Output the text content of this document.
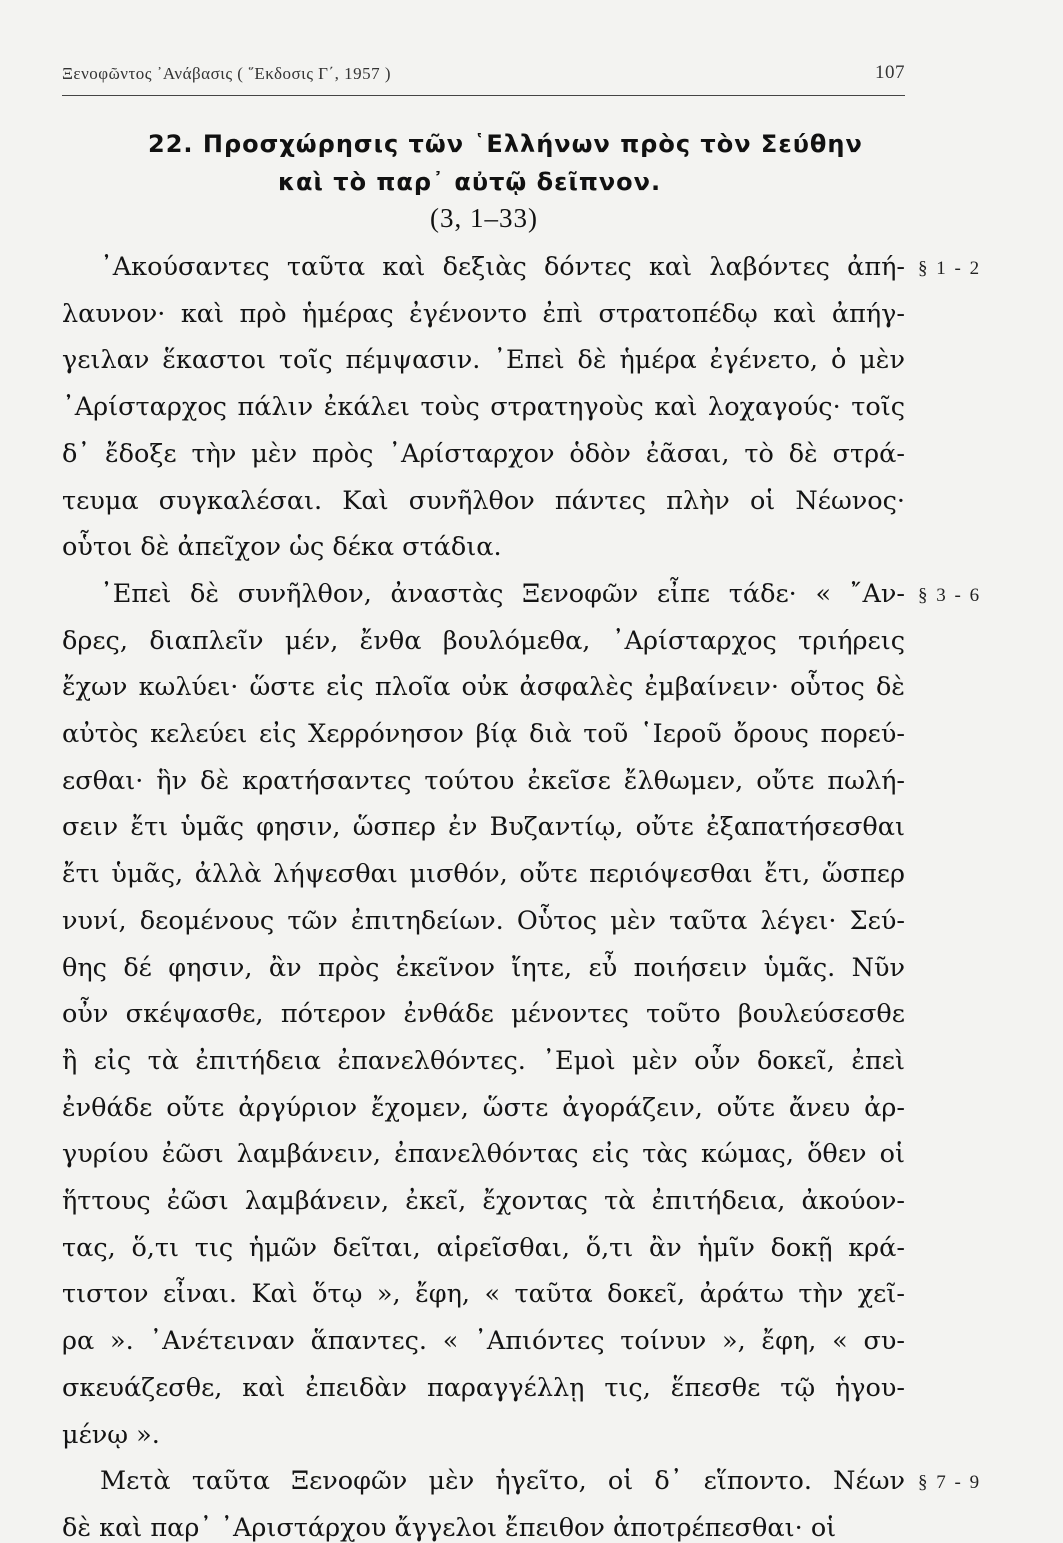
Ξενοφῶντος ᾿Ανάβασις ( ῞Εκδοσις Γ΄, 1957 )	107
22. Προσχώρησις τῶν ῾Ελλήνων πρὸς τὸν Σεύθην
καὶ τὸ παρ᾿ αὐτῷ δεῖπνον.
(3, 1–33)
᾿Ακούσαντες ταῦτα καὶ δεξιὰς δόντες καὶ λαβόντες ἀπή- § 1 - 2
λαυνον· καὶ πρὸ ἡμέρας ἐγένοντο ἐπὶ στρατοπέδῳ καὶ ἀπήγ-
γειλαν ἕκαστοι τοῖς πέμψασιν. ᾿Επεὶ δὲ ἡμέρα ἐγένετο, ὁ μὲν
᾿Αρίσταρχος πάλιν ἐκάλει τοὺς στρατηγοὺς καὶ λοχαγούς· τοῖς
δ᾿ ἔδοξε τὴν μὲν πρὸς ᾿Αρίσταρχον ὁδὸν ἐᾶσαι, τὸ δὲ στρά-
τευμα συγκαλέσαι. Καὶ συνῆλθον πάντες πλὴν οἱ Νέωνος·
οὗτοι δὲ ἀπεῖχον ὡς δέκα στάδια.
᾿Επεὶ δὲ συνῆλθον, ἀναστὰς Ξενοφῶν εἶπε τάδε· « ῎Αν- § 3 - 6
δρες, διαπλεῖν μέν, ἔνθα βουλόμεθα, ᾿Αρίσταρχος τριήρεις
ἔχων κωλύει· ὥστε εἰς πλοῖα οὐκ ἀσφαλὲς ἐμβαίνειν· οὗτος δὲ
αὐτὸς κελεύει εἰς Χερρόνησον βίᾳ διὰ τοῦ ῾Ιεροῦ ὄρους πορεύ-
εσθαι· ἣν δὲ κρατήσαντες τούτου ἐκεῖσε ἔλθωμεν, οὔτε πωλή-
σειν ἔτι ὑμᾶς φησιν, ὥσπερ ἐν Βυζαντίῳ, οὔτε ἐξαπατήσεσθαι
ἔτι ὑμᾶς, ἀλλὰ λήψεσθαι μισθόν, οὔτε περιόψεσθαι ἔτι, ὥσπερ
νυνί, δεομένους τῶν ἐπιτηδείων. Οὗτος μὲν ταῦτα λέγει· Σεύ-
θης δέ φησιν, ἂν πρὸς ἐκεῖνον ἴητε, εὖ ποιήσειν ὑμᾶς. Νῦν
οὖν σκέψασθε, πότερον ἐνθάδε μένοντες τοῦτο βουλεύσεσθε
ἢ εἰς τὰ ἐπιτήδεια ἐπανελθόντες. ᾿Εμοὶ μὲν οὖν δοκεῖ, ἐπεὶ
ἐνθάδε οὔτε ἀργύριον ἔχομεν, ὥστε ἀγοράζειν, οὔτε ἄνευ ἀρ-
γυρίου ἐῶσι λαμβάνειν, ἐπανελθόντας εἰς τὰς κώμας, ὅθεν οἱ
ἥττους ἐῶσι λαμβάνειν, ἐκεῖ, ἔχοντας τὰ ἐπιτήδεια, ἀκούον-
τας, ὅ,τι τις ἡμῶν δεῖται, αἱρεῖσθαι, ὅ,τι ἂν ἡμῖν δοκῇ κρά-
τιστον εἶναι. Καὶ ὅτῳ », ἔφη, « ταῦτα δοκεῖ, ἀράτω τὴν χεῖ-
ρα ». ᾿Ανέτειναν ἅπαντες. « ᾿Απιόντες τοίνυν », ἔφη, « συ-
σκευάζεσθε, καὶ ἐπειδὰν παραγγέλλῃ τις, ἕπεσθε τῷ ἡγου-
μένῳ ».
Μετὰ ταῦτα Ξενοφῶν μὲν ἡγεῖτο, οἱ δ᾿ εἵποντο. Νέων § 7 - 9
δὲ καὶ παρ᾿ ᾿Αριστάρχου ἄγγελοι ἔπειθον ἀποτρέπεσθαι· οἱ
